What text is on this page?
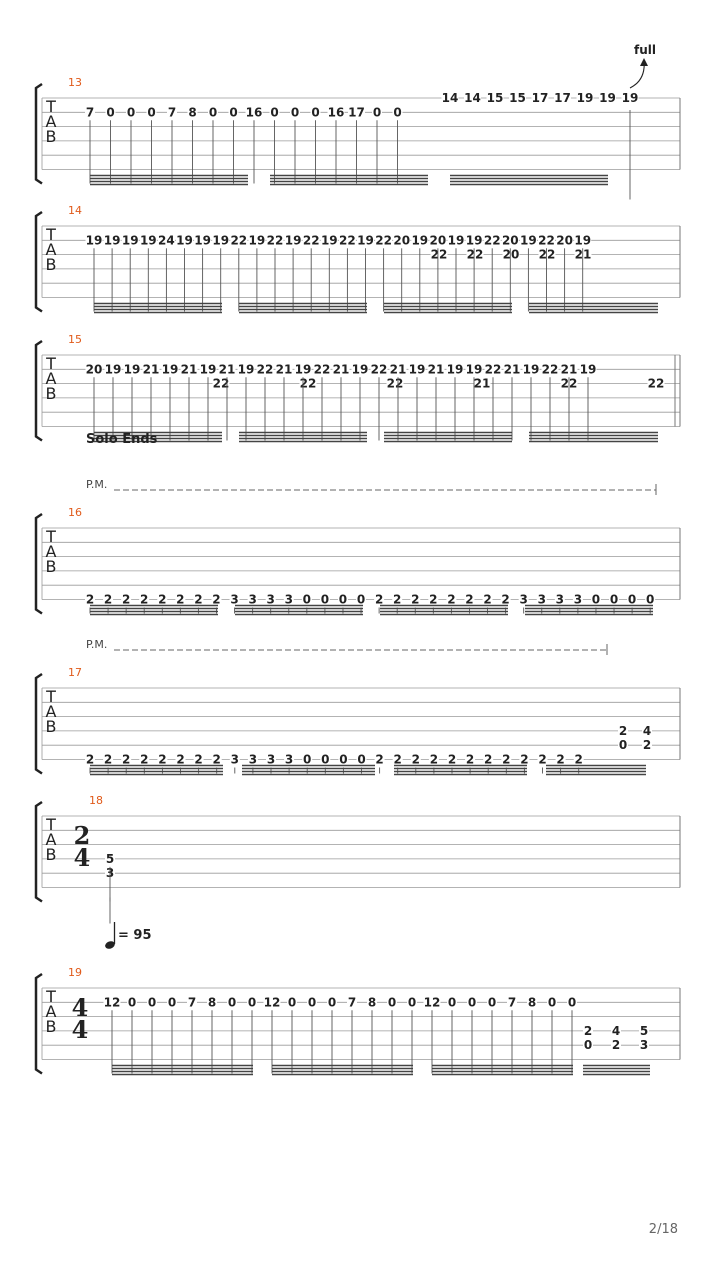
T
A
B
13
7 0 0 0 7 8 0 0 16 0 0 0 16 17 0 0
14 14 15 15 17 17 19 19 19
full
T
A
B
14
19 19 19 19 24 19 19 19 22 19 22 19 22 19 22 19 22 20 19 20 19 19 22 20 19 22 20 19
22 22 20 22 21
T
A
B
15
20 19 19 21 19 21 19 21 19 22 21 19 22 21 19 22 21 19 21 19 19 22 21 19 22 21 19
22	22	22	21	22	22
T
A
B
16
Solo Ends
P.M.
2 2 2 2 2 2 2 2 3 3 3 3 0 0 0 0 2 2 2 2 2 2 2 2 3 3 3 3 0 0 0 0
T
A
B
17
P.M.
2 2 2 2 2 2 2 2 3 3 3 3 0 0 0 0 2 2 2 2 2 2 2 2 2 2 2 2
0 2
2 4
T
A
B
18
2
4 5
3
T
A
B
19
4
4
= 95
12 0 0 0 7 8 0 0 12 0 0 0 7 8 0 0 12 0 0 0 7 8 0 0
2 4 5
0 2 3
2/18
